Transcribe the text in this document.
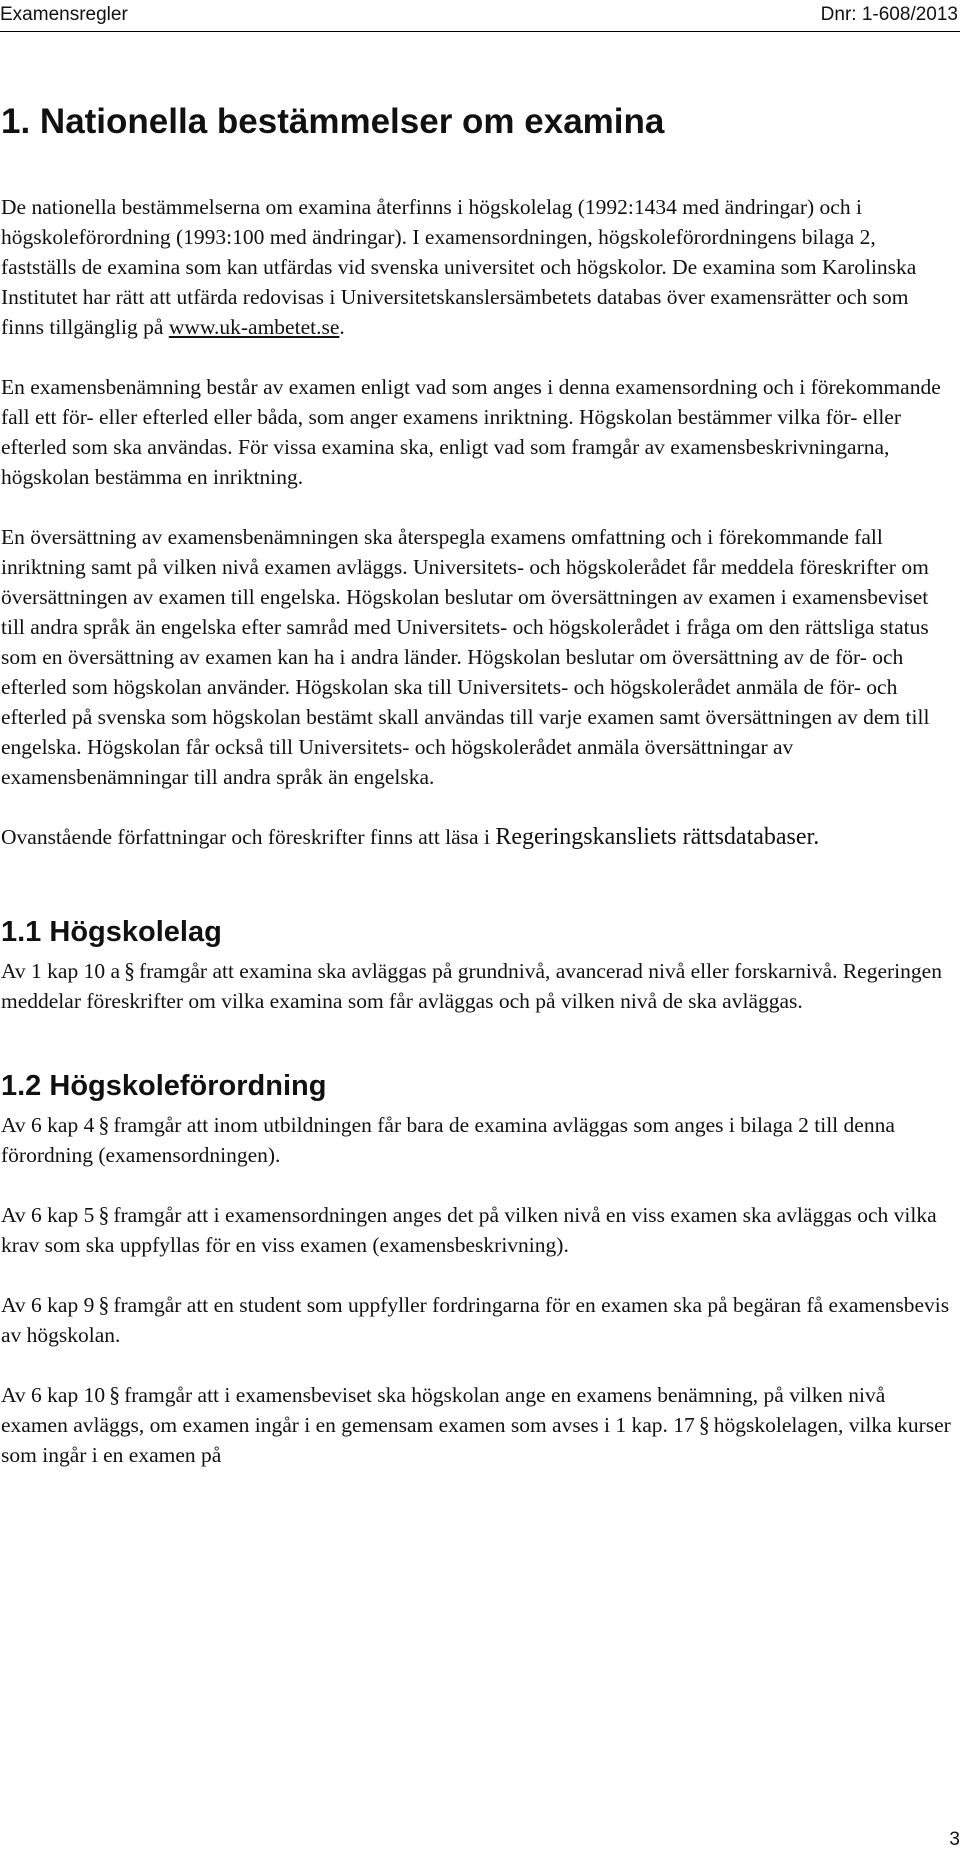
Examensregler	Dnr: 1-608/2013
1. Nationella bestämmelser om examina

De nationella bestämmelserna om examina återfinns i högskolelag (1992:1434 med ändringar) och i högskoleförordning (1993:100 med ändringar). I examensordningen, högskoleförordningens bilaga 2, fastställs de examina som kan utfärdas vid svenska universitet och högskolor. De examina som Karolinska Institutet har rätt att utfärda redovisas i Universitetskanslersämbetets databas över examensrätter och som finns tillgänglig på www.uk-ambetet.se.

En examensbenämning består av examen enligt vad som anges i denna examensordning och i förekommande fall ett för- eller efterled eller båda, som anger examens inriktning. Högskolan bestämmer vilka för- eller efterled som ska användas. För vissa examina ska, enligt vad som framgår av examensbeskrivningarna, högskolan bestämma en inriktning.

En översättning av examensbenämningen ska återspegla examens omfattning och i förekommande fall inriktning samt på vilken nivå examen avläggs. Universitets- och högskolerådet får meddela föreskrifter om översättningen av examen till engelska. Högskolan beslutar om översättningen av examen i examensbeviset till andra språk än engelska efter samråd med Universitets- och högskolerådet i fråga om den rättsliga status som en översättning av examen kan ha i andra länder. Högskolan beslutar om översättning av de för- och efterled som högskolan använder. Högskolan ska till Universitets- och högskolerådet anmäla de för- och efterled på svenska som högskolan bestämt skall användas till varje examen samt översättningen av dem till engelska. Högskolan får också till Universitets- och högskolerådet anmäla översättningar av examensbenämningar till andra språk än engelska.

Ovanstående författningar och föreskrifter finns att läsa i Regeringskansliets rättsdatabaser.

1.1 Högskolelag

Av 1 kap 10 a § framgår att examina ska avläggas på grundnivå, avancerad nivå eller forskarnivå. Regeringen meddelar föreskrifter om vilka examina som får avläggas och på vilken nivå de ska avläggas.

1.2 Högskoleförordning

Av 6 kap 4 § framgår att inom utbildningen får bara de examina avläggas som anges i bilaga 2 till denna förordning (examensordningen).

Av 6 kap 5 § framgår att i examensordningen anges det på vilken nivå en viss examen ska avläggas och vilka krav som ska uppfyllas för en viss examen (examensbeskrivning).

Av 6 kap 9 § framgår att en student som uppfyller fordringarna för en examen ska på begäran få examensbevis av högskolan.

Av 6 kap 10 § framgår att i examensbeviset ska högskolan ange en examens benämning, på vilken nivå examen avläggs, om examen ingår i en gemensam examen som avses i 1 kap. 17 § högskolelagen, vilka kurser som ingår i en examen på

3
